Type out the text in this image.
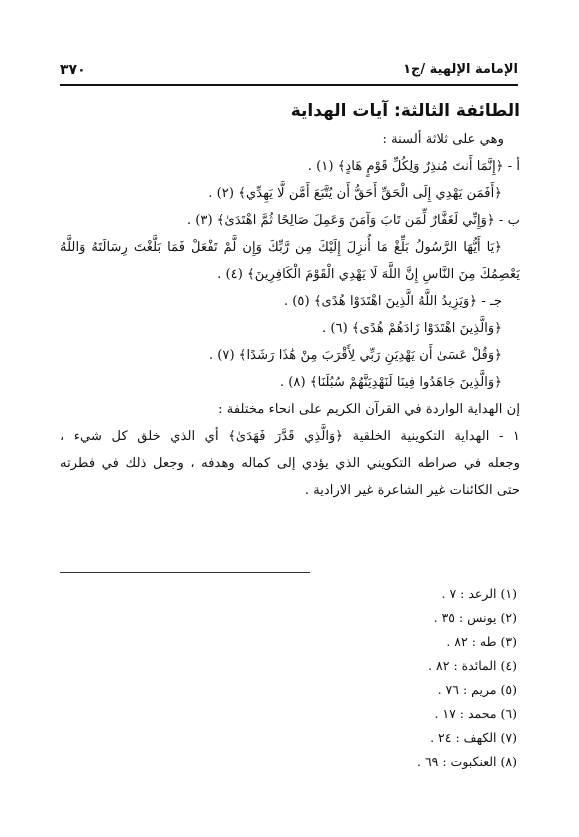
الإمامة الإلهية /ج١
٣٧٠
الطائفة الثالثة: آيات الهداية
وهي على ثلاثة ألسنة :
أ - ﴿إِنَّمَا أَنتَ مُنذِرٌ وَلِكُلِّ قَوْمٍ هَادٍ﴾ (١) .
﴿أَفَمَن يَهْدِي إِلَى الْحَقِّ أَحَقُّ أَن يُتَّبَعَ أَمَّن لَّا يَهِدِّي﴾ (٢) .
ب - ﴿وَإِنِّي لَغَفَّارٌ لِّمَن تَابَ وَآمَنَ وَعَمِلَ صَالِحًا ثُمَّ اهْتَدَىٰ﴾ (٣) .
﴿يَا أَيُّهَا الرَّسُولُ بَلِّغْ مَا أُنزِلَ إِلَيْكَ مِن رَّبِّكَ وَإِن لَّمْ تَفْعَلْ فَمَا بَلَّغْتَ رِسَالَتَهُ وَاللَّهُ
يَعْصِمُكَ مِنَ النَّاسِ إِنَّ اللَّهَ لَا يَهْدِي الْقَوْمَ الْكَافِرِينَ﴾ (٤) .
جـ - ﴿وَيَزِيدُ اللَّهُ الَّذِينَ اهْتَدَوْا هُدًى﴾ (٥) .
﴿وَالَّذِينَ اهْتَدَوْا زَادَهُمْ هُدًى﴾ (٦) .
﴿وَقُلْ عَسَىٰ أَن يَهْدِيَنِ رَبِّي لِأَقْرَبَ مِنْ هَٰذَا رَشَدًا﴾ (٧) .
﴿وَالَّذِينَ جَاهَدُوا فِينَا لَنَهْدِيَنَّهُمْ سُبُلَنَا﴾ (٨) .
إن الهداية الواردة في القرآن الكريم على انحاء مختلفة :
١ - الهداية التكوينية الخلقية ﴿وَالَّذِي قَدَّرَ فَهَدَىٰ﴾ أي الذي خلق كل شيء ،
وجعله في صراطه التكويني الذي يؤدي إلى كماله وهدفه ، وجعل ذلك في فطرته
حتى الكائنات غير الشاعرة غير الارادية .
(١) الرعد : ٧ .
(٢) يونس : ٣٥ .
(٣) طه : ٨٢ .
(٤) المائدة : ٨٢ .
(٥) مريم : ٧٦ .
(٦) محمد : ١٧ .
(٧) الكهف : ٢٤ .
(٨) العنكبوت : ٦٩ .
